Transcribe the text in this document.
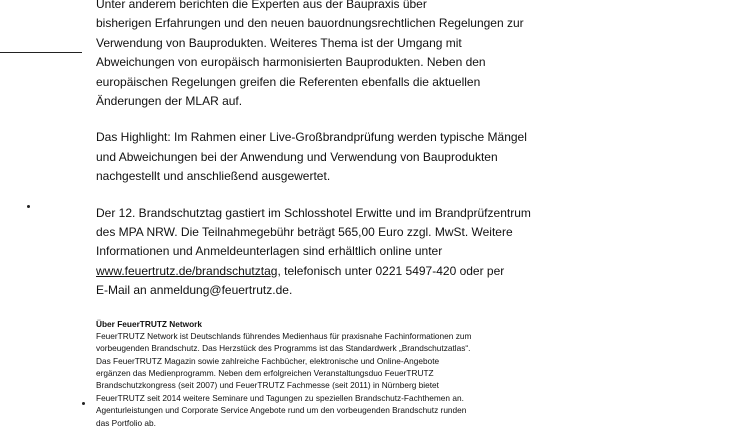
Unter anderem berichten die Experten aus der Baupraxis über

bisherigen Erfahrungen und den neuen bauordnungsrechtlichen Regelungen zur

Verwendung von Bauprodukten. Weiteres Thema ist der Umgang mit

Abweichungen von europäisch harmonisierten Bauprodukten. Neben den

europäischen Regelungen greifen die Referenten ebenfalls die aktuellen

Änderungen der MLAR auf.

Das Highlight: Im Rahmen einer Live-Großbrandprüfung werden typische Mängel

und Abweichungen bei der Anwendung und Verwendung von Bauprodukten

nachgestellt und anschließend ausgewertet.

Der 12. Brandschutztag gastiert im Schlosshotel Erwitte und im Brandprüfzentrum

des MPA NRW. Die Teilnahmegebühr beträgt 565,00 Euro zzgl. MwSt. Weitere

Informationen und Anmeldeunterlagen sind erhältlich online unter

www.feuertrutz.de/brandschutztag, telefonisch unter 0221 5497-420 oder per

E-Mail an anmeldung@feuertrutz.de.

Über FeuerTRUTZ Network

FeuerTRUTZ Network ist Deutschlands führendes Medienhaus für praxisnahe Fachinformationen zum

vorbeugenden Brandschutz. Das Herzstück des Programms ist das Standardwerk „Brandschutzatlas“.

Das FeuerTRUTZ Magazin sowie zahlreiche Fachbücher, elektronische und Online-Angebote

ergänzen das Medienprogramm. Neben dem erfolgreichen Veranstaltungsduo FeuerTRUTZ

Brandschutzkongress (seit 2007) und FeuerTRUTZ Fachmesse (seit 2011) in Nürnberg bietet

FeuerTRUTZ seit 2014 weitere Seminare und Tagungen zu speziellen Brandschutz-Fachthemen an.

Agenturleistungen und Corporate Service Angebote rund um den vorbeugenden Brandschutz runden

das Portfolio ab.
